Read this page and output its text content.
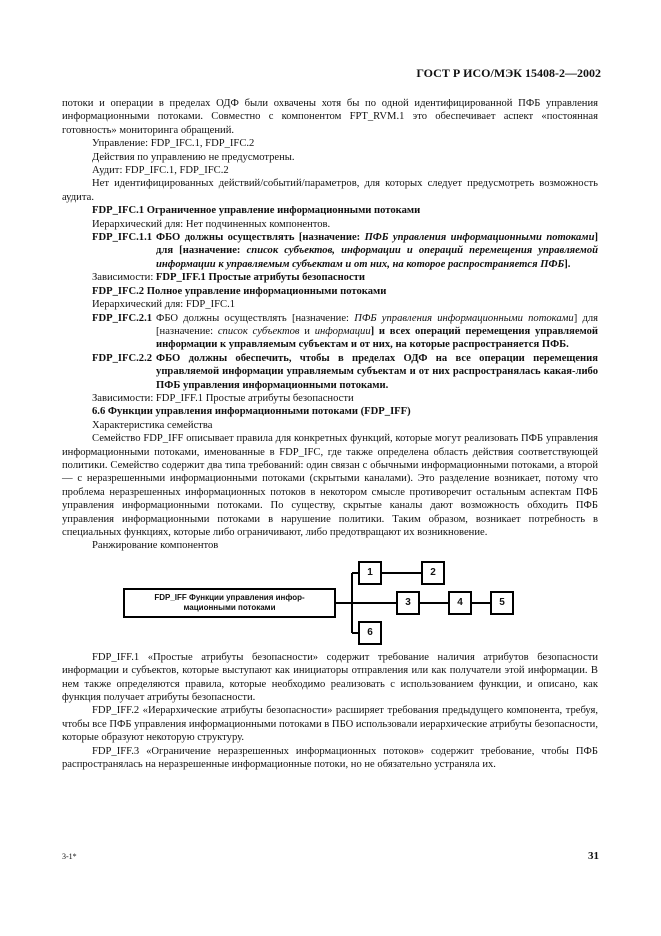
ГОСТ Р ИСО/МЭК 15408-2—2002

потоки и операции в пределах ОДФ были охвачены хотя бы по одной идентифицированной ПФБ управления информационными потоками. Совместно с компонентом FPT_RVM.1 это обеспечивает аспект «постоянная готовность» мониторинга обращений.

Управление: FDP_IFC.1, FDP_IFC.2

Действия по управлению не предусмотрены.

Аудит: FDP_IFC.1, FDP_IFC.2

Нет идентифицированных действий/событий/параметров, для которых следует предусмотреть возможность аудита.

FDP_IFC.1 Ограниченное управление информационными потоками

Иерархический для: Нет подчиненных компонентов.

FDP_IFC.1.1 ФБО должны осуществлять [назначение: ПФБ управления информационными потоками] для [назначение: список субъектов, информации и операций перемещения управляемой информации к управляемым субъектам и от них, на которое распространяется ПФБ].

Зависимости: FDP_IFF.1 Простые атрибуты безопасности

FDP_IFC.2 Полное управление информационными потоками

Иерархический для: FDP_IFC.1

FDP_IFC.2.1 ФБО должны осуществлять [назначение: ПФБ управления информационными потоками] для [назначение: список субъектов и информации] и всех операций перемещения управляемой информации к управляемым субъектам и от них, на которые распространяется ПФБ.
FDP_IFC.2.2 ФБО должны обеспечить, чтобы в пределах ОДФ на все операции перемещения управляемой информации управляемым субъектам и от них распространялась какая-либо ПФБ управления информационными потоками.

Зависимости: FDP_IFF.1 Простые атрибуты безопасности

6.6 Функции управления информационными потоками (FDP_IFF)

Характеристика семейства

Семейство FDP_IFF описывает правила для конкретных функций, которые могут реализовать ПФБ управления информационными потоками, именованные в FDP_IFC, где также определена область действия соответствующей политики. Семейство содержит два типа требований: один связан с обычными информационными потоками, а второй — с неразрешенными информационными потоками (скрытыми каналами). Это разделение возникает, потому что проблема неразрешенных информационных потоков в некотором смысле противоречит остальным аспектам ПФБ управления информационными потоками. По существу, скрытые каналы дают возможность обходить ПФБ управления информационными потоками в нарушение политики. Таким образом, возникает потребность в специальных функциях, которые либо ограничивают, либо предотвращают их возникновение.

Ранжирование компонентов

FDP_IFF Функции управления инфор-
мационными потоками
1	2
3	4	5
6

FDP_IFF.1 «Простые атрибуты безопасности» содержит требование наличия атрибутов безопасности информации и субъектов, которые выступают как инициаторы отправления или как получатели этой информации. В нем также определяются правила, которые необходимо реализовать с использованием функции, и описано, как функция получает атрибуты безопасности.

FDP_IFF.2 «Иерархические атрибуты безопасности» расширяет требования предыдущего компонента, требуя, чтобы все ПФБ управления информационными потоками в ПБО использовали иерархические атрибуты безопасности, которые образуют некоторую структуру.

FDP_IFF.3 «Ограничение неразрешенных информационных потоков» содержит требование, чтобы ПФБ распространялась на неразрешенные информационные потоки, но не обязательно устраняла их.

3-1*	31
